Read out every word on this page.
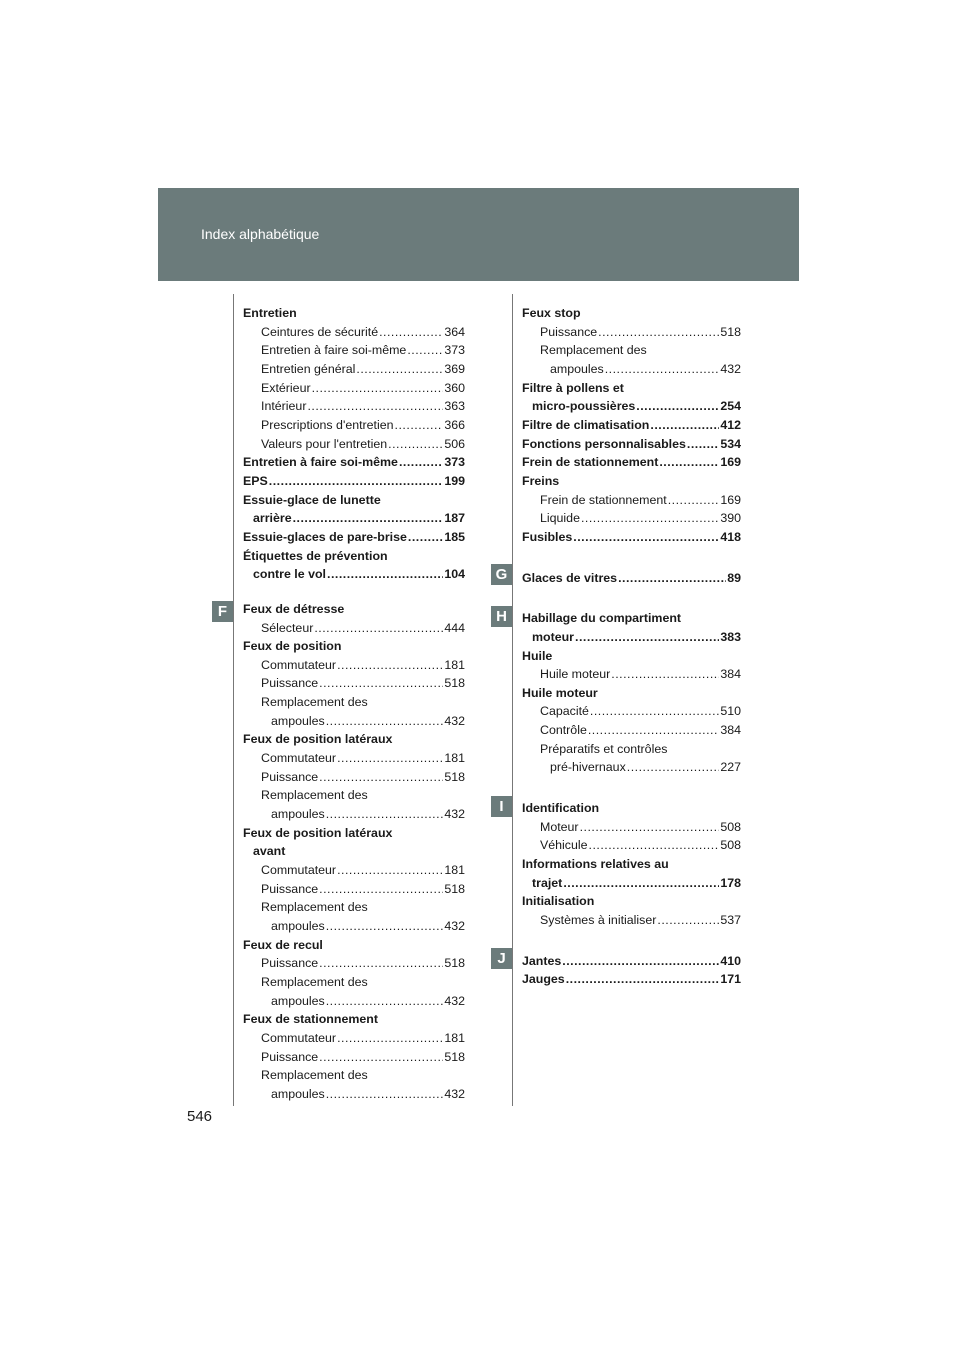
Index alphabétique
F
G
H
I
J
Entretien
Ceintures de sécurité .....	364
Entretien à faire soi-même .....	373
Entretien général .....	369
Extérieur .....	360
Intérieur .....	363
Prescriptions d'entretien .....	366
Valeurs pour l'entretien .....	506
Entretien à faire soi-même .....	373
EPS .....	199
Essuie-glace de lunette
arrière .....	187
Essuie-glaces de pare-brise .....	185
Étiquettes de prévention
contre le vol .....	104
Feux de détresse
Sélecteur .....	444
Feux de position
Commutateur .....	181
Puissance .....	518
Remplacement des
ampoules .....	432
Feux de position latéraux
Commutateur .....	181
Puissance .....	518
Remplacement des
ampoules .....	432
Feux de position latéraux
avant
Commutateur .....	181
Puissance .....	518
Remplacement des
ampoules .....	432
Feux de recul
Puissance .....	518
Remplacement des
ampoules .....	432
Feux de stationnement
Commutateur .....	181
Puissance .....	518
Remplacement des
ampoules .....	432
Feux stop
Puissance .....	518
Remplacement des
ampoules .....	432
Filtre à pollens et
micro-poussières .....	254
Filtre de climatisation .....	412
Fonctions personnalisables .....	534
Frein de stationnement .....	169
Freins
Frein de stationnement .....	169
Liquide .....	390
Fusibles .....	418
Glaces de vitres .....	89
Habillage du compartiment
moteur .....	383
Huile
Huile moteur .....	384
Huile moteur
Capacité .....	510
Contrôle .....	384
Préparatifs et contrôles
pré-hivernaux .....	227
Identification
Moteur .....	508
Véhicule .....	508
Informations relatives au
trajet .....	178
Initialisation
Systèmes à initialiser .....	537
Jantes .....	410
Jauges .....	171
546
